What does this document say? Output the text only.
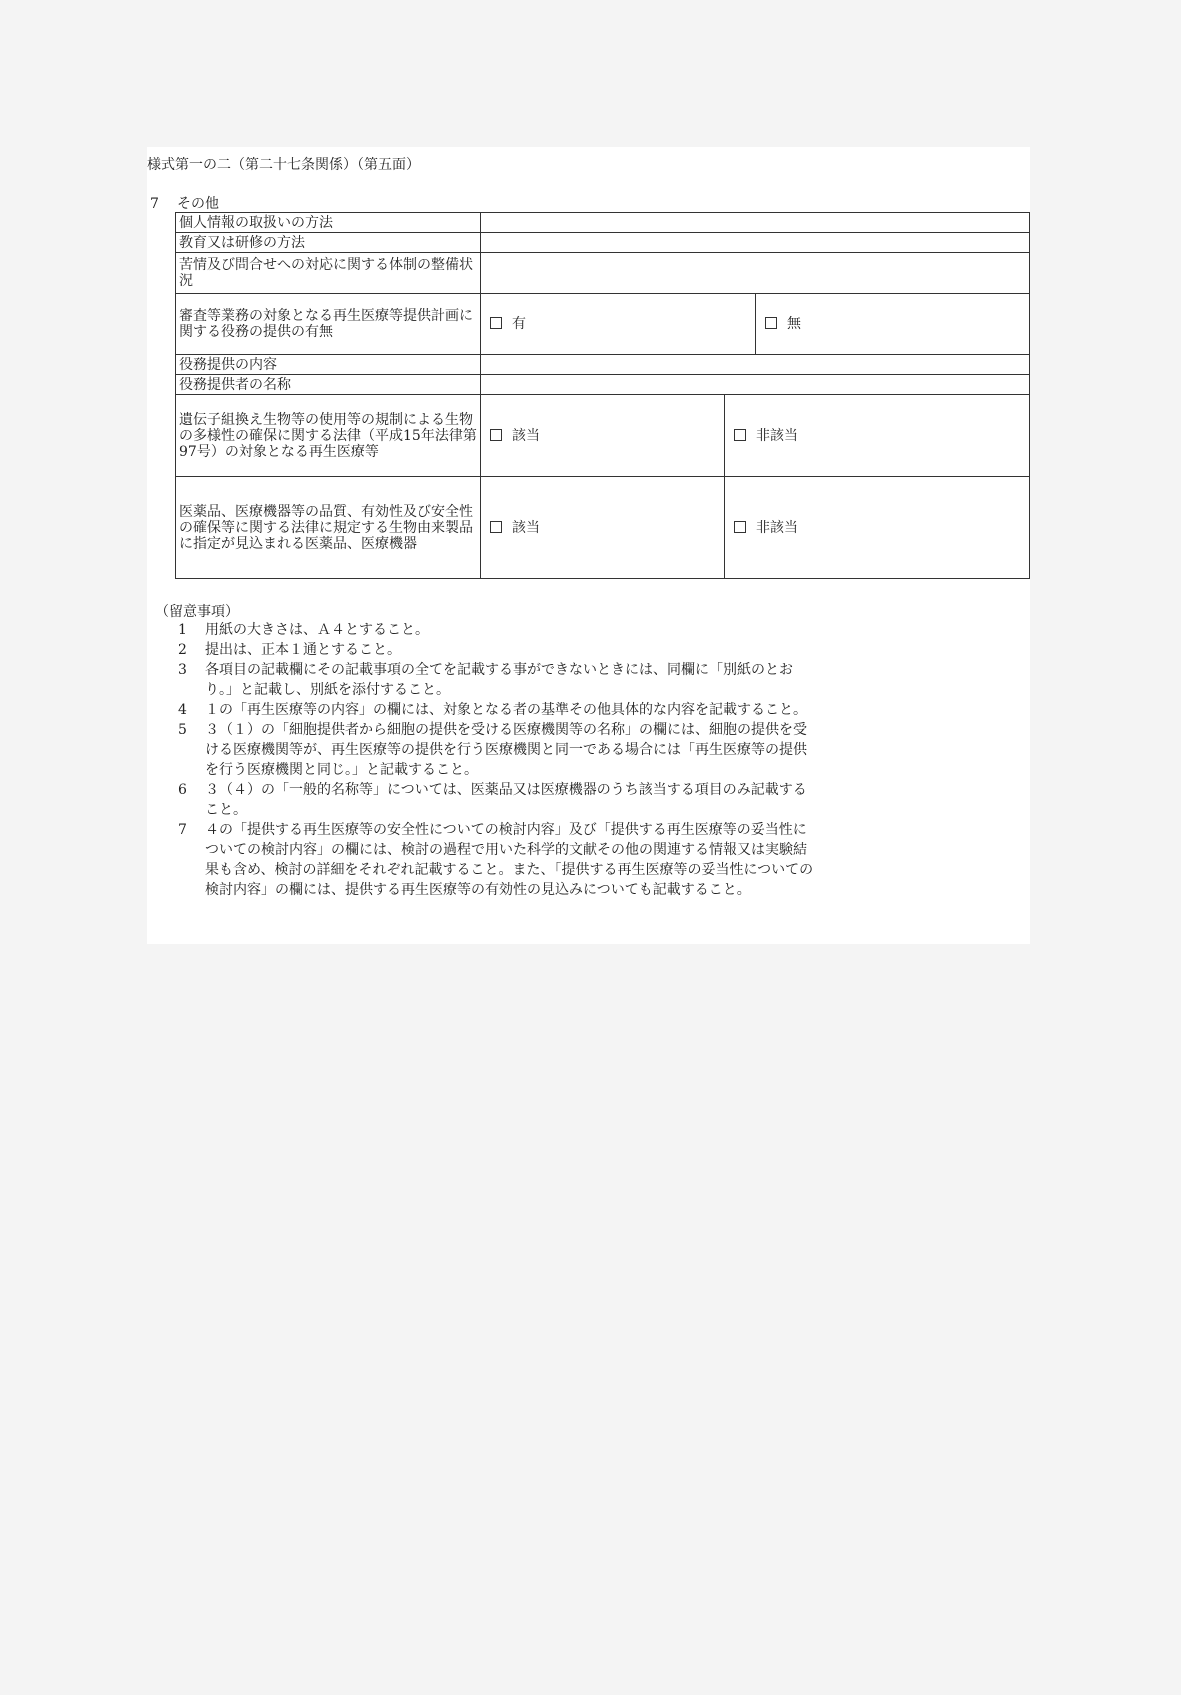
様式第一の二（第二十七条関係）（第五面）
7 その他
個人情報の取扱いの方法			
教育又は研修の方法			
苦情及び問合せへの対応に関する体制の整備状況			
審査等業務の対象となる再生医療等提供計画に関する役務の提供の有無	有		無
役務提供の内容			
役務提供者の名称			
遺伝子組換え生物等の使用等の規制による生物の多様性の確保に関する法律（平成15年法律第97号）の対象となる再生医療等	該当	非該当	
医薬品、医療機器等の品質、有効性及び安全性の確保等に関する法律に規定する生物由来製品に指定が見込まれる医薬品、医療機器	該当	非該当	
（留意事項）
1	用紙の大きさは、Ａ４とすること。
2	提出は、正本１通とすること。
3	各項目の記載欄にその記載事項の全てを記載する事ができないときには、同欄に「別紙のとおり。」と記載し、別紙を添付すること。
4	１の「再生医療等の内容」の欄には、対象となる者の基準その他具体的な内容を記載すること。
5	３（１）の「細胞提供者から細胞の提供を受ける医療機関等の名称」の欄には、細胞の提供を受ける医療機関等が、再生医療等の提供を行う医療機関と同一である場合には「再生医療等の提供を行う医療機関と同じ。」と記載すること。
6	３（４）の「一般的名称等」については、医薬品又は医療機器のうち該当する項目のみ記載すること。
7	４の「提供する再生医療等の安全性についての検討内容」及び「提供する再生医療等の妥当性についての検討内容」の欄には、検討の過程で用いた科学的文献その他の関連する情報又は実験結果も含め、検討の詳細をそれぞれ記載すること。また、「提供する再生医療等の妥当性についての検討内容」の欄には、提供する再生医療等の有効性の見込みについても記載すること。
